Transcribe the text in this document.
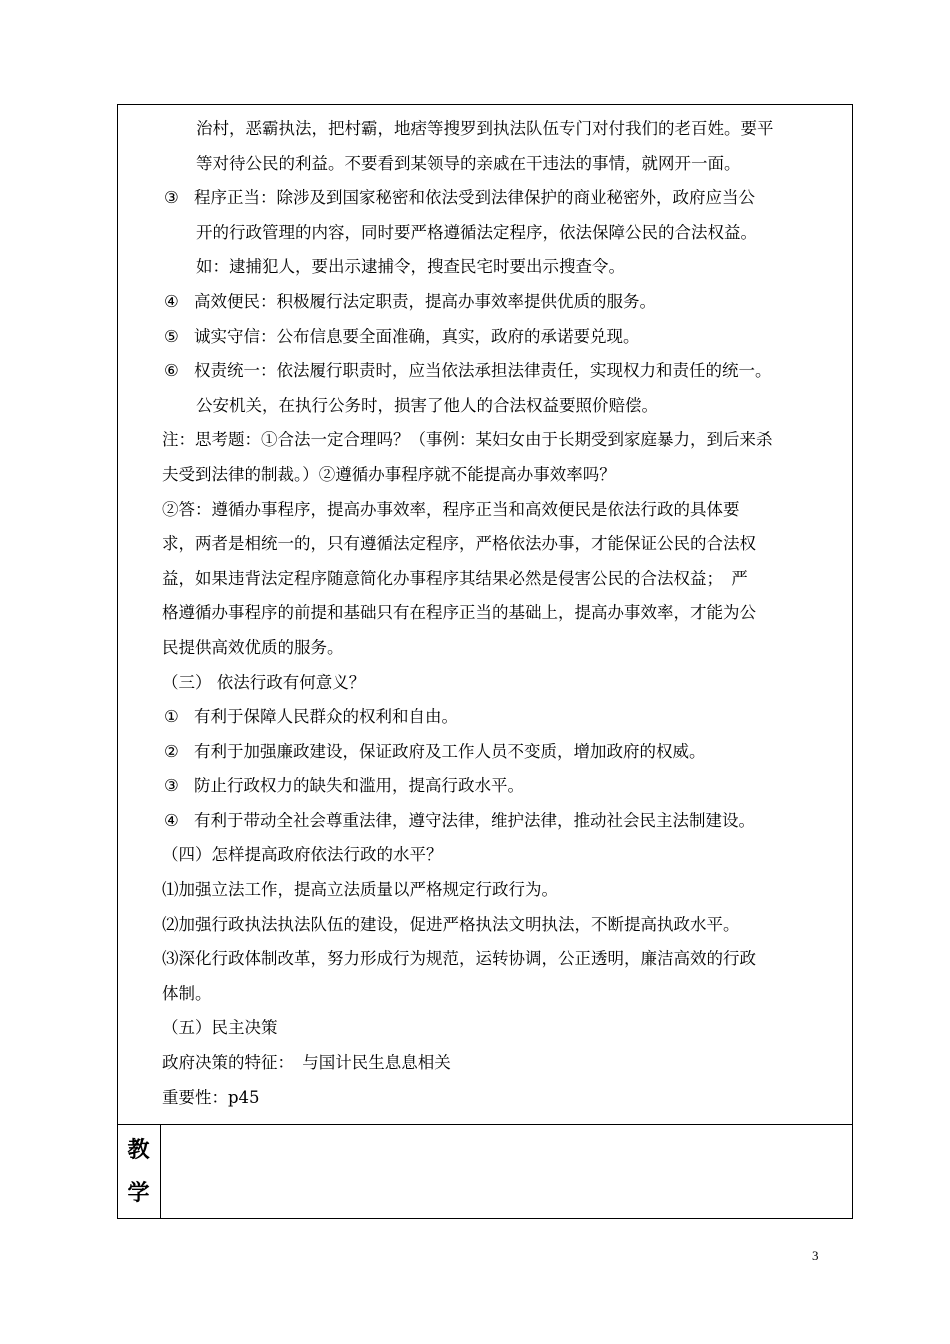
治村，恶霸执法，把村霸，地痞等搜罗到执法队伍专门对付我们的老百姓。要平
等对待公民的利益。不要看到某领导的亲戚在干违法的事情，就网开一面。
③ 程序正当：除涉及到国家秘密和依法受到法律保护的商业秘密外，政府应当公
开的行政管理的内容，同时要严格遵循法定程序，依法保障公民的合法权益。
如：逮捕犯人，要出示逮捕令，搜查民宅时要出示搜查令。
④ 高效便民：积极履行法定职责，提高办事效率提供优质的服务。
⑤ 诚实守信：公布信息要全面准确，真实，政府的承诺要兑现。
⑥ 权责统一：依法履行职责时，应当依法承担法律责任，实现权力和责任的统一。
公安机关，在执行公务时，损害了他人的合法权益要照价赔偿。
注：思考题：①合法一定合理吗？（事例：某妇女由于长期受到家庭暴力，到后来杀
夫受到法律的制裁。）②遵循办事程序就不能提高办事效率吗？
②答：遵循办事程序，提高办事效率，程序正当和高效便民是依法行政的具体要
求，两者是相统一的，只有遵循法定程序，严格依法办事，才能保证公民的合法权
益，如果违背法定程序随意简化办事程序其结果必然是侵害公民的合法权益；　严
格遵循办事程序的前提和基础只有在程序正当的基础上，提高办事效率，才能为公
民提供高效优质的服务。
（三） 依法行政有何意义？
① 有利于保障人民群众的权利和自由。
② 有利于加强廉政建设，保证政府及工作人员不变质，增加政府的权威。
③ 防止行政权力的缺失和滥用，提高行政水平。
④ 有利于带动全社会尊重法律，遵守法律，维护法律，推动社会民主法制建设。
（四）怎样提高政府依法行政的水平？
⑴加强立法工作，提高立法质量以严格规定行政行为。
⑵加强行政执法执法队伍的建设，促进严格执法文明执法，不断提高执政水平。
⑶深化行政体制改革，努力形成行为规范，运转协调，公正透明，廉洁高效的行政
体制。
（五）民主决策
政府决策的特征：　与国计民生息息相关
重要性：p45
教
学
3
